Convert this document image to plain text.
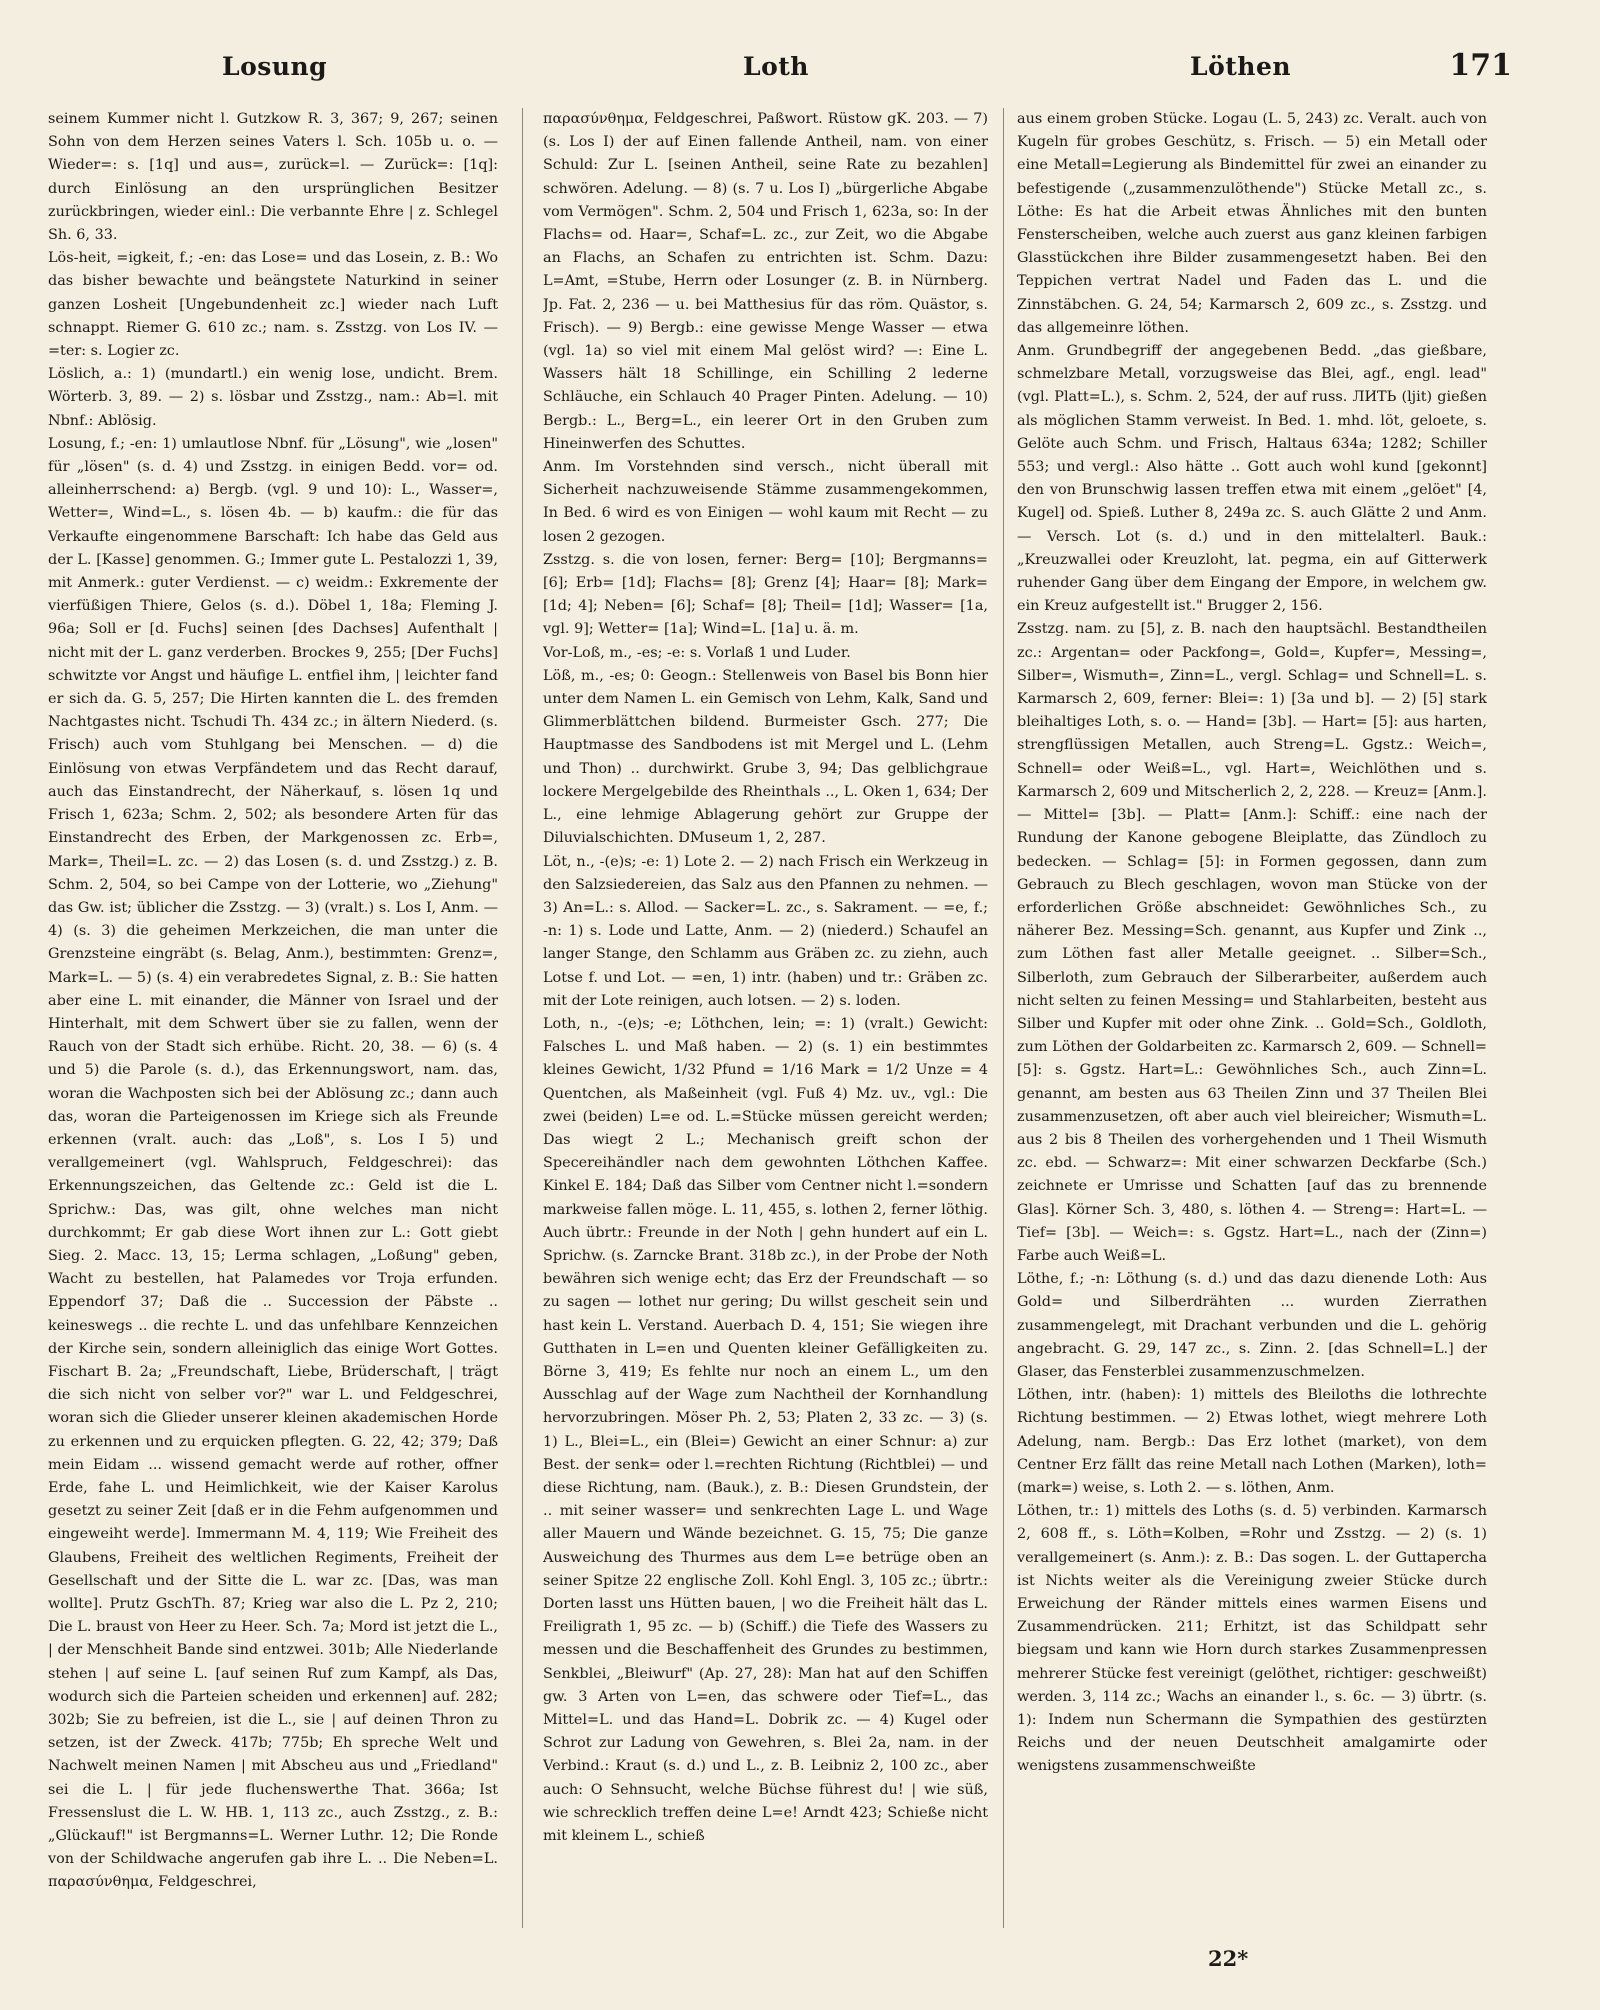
Losung	Loth	Löthen	171

seinem Kummer nicht l. Gutzkow R. 3, 367; 9, 267; seinen Sohn von dem Herzen seines Vaters l. Sch. 105b u. o. — Wieder=: s. [1q] und aus=, zurück=l. — Zurück=: [1q]: durch Einlösung an den ursprünglichen Besitzer zurückbringen, wieder einl.: Die verbannte Ehre | z. Schlegel Sh. 6, 33.

Lös-heit, =igkeit, f.; -en: das Lose= und das Losein, z. B.: Wo das bisher bewachte und beängstete Naturkind in seiner ganzen Losheit [Ungebundenheit zc.] wieder nach Luft schnappt. Riemer G. 610 zc.; nam. s. Zsstzg. von Los IV. — =ter: s. Logier zc.

Löslich, a.: 1) (mundartl.) ein wenig lose, undicht. Brem. Wörterb. 3, 89. — 2) s. lösbar und Zsstzg., nam.: Ab=l. mit Nbnf.: Ablösig.

Losung, f.; -en: 1) umlautlose Nbnf. für „Lösung", wie „losen" für „lösen" (s. d. 4) und Zsstzg. in einigen Bedd. vor= od. alleinherrschend: a) Bergb. (vgl. 9 und 10): L., Wasser=, Wetter=, Wind=L., s. lösen 4b. — b) kaufm.: die für das Verkaufte eingenommene Barschaft: Ich habe das Geld aus der L. [Kasse] genommen. G.; Immer gute L. Pestalozzi 1, 39, mit Anmerk.: guter Verdienst. — c) weidm.: Exkremente der vierfüßigen Thiere, Gelos (s. d.). Döbel 1, 18a; Fleming J. 96a; Soll er [d. Fuchs] seinen [des Dachses] Aufenthalt | nicht mit der L. ganz verderben. Brockes 9, 255; [Der Fuchs] schwitzte vor Angst und häufige L. entfiel ihm, | leichter fand er sich da. G. 5, 257; Die Hirten kannten die L. des fremden Nachtgastes nicht. Tschudi Th. 434 zc.; in ältern Niederd. (s. Frisch) auch vom Stuhlgang bei Menschen. — d) die Einlösung von etwas Verpfändetem und das Recht darauf, auch das Einstandrecht, der Näherkauf, s. lösen 1q und Frisch 1, 623a; Schm. 2, 502; als besondere Arten für das Einstandrecht des Erben, der Markgenossen zc. Erb=, Mark=, Theil=L. zc. — 2) das Losen (s. d. und Zsstzg.) z. B. Schm. 2, 504, so bei Campe von der Lotterie, wo „Ziehung" das Gw. ist; üblicher die Zsstzg. — 3) (vralt.) s. Los I, Anm. — 4) (s. 3) die geheimen Merkzeichen, die man unter die Grenzsteine eingräbt (s. Belag, Anm.), bestimmten: Grenz=, Mark=L. — 5) (s. 4) ein verabredetes Signal, z. B.: Sie hatten aber eine L. mit einander, die Männer von Israel und der Hinterhalt, mit dem Schwert über sie zu fallen, wenn der Rauch von der Stadt sich erhübe. Richt. 20, 38. — 6) (s. 4 und 5) die Parole (s. d.), das Erkennungswort, nam. das, woran die Wachposten sich bei der Ablösung zc.; dann auch das, woran die Parteigenossen im Kriege sich als Freunde erkennen (vralt. auch: das „Loß", s. Los I 5) und verallgemeinert (vgl. Wahlspruch, Feldgeschrei): das Erkennungszeichen, das Geltende zc.: Geld ist die L. Sprichw.: Das, was gilt, ohne welches man nicht durchkommt; Er gab diese Wort ihnen zur L.: Gott giebt Sieg. 2. Macc. 13, 15; Lerma schlagen, „Loßung" geben, Wacht zu bestellen, hat Palamedes vor Troja erfunden. Eppendorf 37; Daß die .. Succession der Päbste .. keineswegs .. die rechte L. und das unfehlbare Kennzeichen der Kirche sein, sondern alleiniglich das einige Wort Gottes. Fischart B. 2a; „Freundschaft, Liebe, Brüderschaft, | trägt die sich nicht von selber vor?" war L. und Feldgeschrei, woran sich die Glieder unserer kleinen akademischen Horde zu erkennen und zu erquicken pflegten. G. 22, 42; 379; Daß mein Eidam ... wissend gemacht werde auf rother, offner Erde, fahe L. und Heimlichkeit, wie der Kaiser Karolus gesetzt zu seiner Zeit [daß er in die Fehm aufgenommen und eingeweiht werde]. Immermann M. 4, 119; Wie Freiheit des Glaubens, Freiheit des weltlichen Regiments, Freiheit der Gesellschaft und der Sitte die L. war zc. [Das, was man wollte]. Prutz GschTh. 87; Krieg war also die L. Pz 2, 210; Die L. braust von Heer zu Heer. Sch. 7a; Mord ist jetzt die L., | der Menschheit Bande sind entzwei. 301b; Alle Niederlande stehen | auf seine L. [auf seinen Ruf zum Kampf, als Das, wodurch sich die Parteien scheiden und erkennen] auf. 282; 302b; Sie zu befreien, ist die L., sie | auf deinen Thron zu setzen, ist der Zweck. 417b; 775b; Eh spreche Welt und Nachwelt meinen Namen | mit Abscheu aus und „Friedland" sei die L. | für jede fluchenswerthe That. 366a; Ist Fressenslust die L. W. HB. 1, 113 zc., auch Zsstzg., z. B.: „Glückauf!" ist Bergmanns=L. Werner Luthr. 12; Die Ronde von der Schildwache angerufen gab ihre L. .. Die Neben=L. παρασύνθημα, Feldgeschrei,

παρασύνθημα, Feldgeschrei, Paßwort. Rüstow gK. 203. — 7) (s. Los I) der auf Einen fallende Antheil, nam. von einer Schuld: Zur L. [seinen Antheil, seine Rate zu bezahlen] schwören. Adelung. — 8) (s. 7 u. Los I) „bürgerliche Abgabe vom Vermögen". Schm. 2, 504 und Frisch 1, 623a, so: In der Flachs= od. Haar=, Schaf=L. zc., zur Zeit, wo die Abgabe an Flachs, an Schafen zu entrichten ist. Schm. Dazu: L=Amt, =Stube, Herrn oder Losunger (z. B. in Nürnberg. Jp. Fat. 2, 236 — u. bei Matthesius für das röm. Quästor, s. Frisch). — 9) Bergb.: eine gewisse Menge Wasser — etwa (vgl. 1a) so viel mit einem Mal gelöst wird? —: Eine L. Wassers hält 18 Schillinge, ein Schilling 2 lederne Schläuche, ein Schlauch 40 Prager Pinten. Adelung. — 10) Bergb.: L., Berg=L., ein leerer Ort in den Gruben zum Hineinwerfen des Schuttes.

Anm. Im Vorstehnden sind versch., nicht überall mit Sicherheit nachzuweisende Stämme zusammengekommen, In Bed. 6 wird es von Einigen — wohl kaum mit Recht — zu losen 2 gezogen.

Zsstzg. s. die von losen, ferner: Berg= [10]; Bergmanns= [6]; Erb= [1d]; Flachs= [8]; Grenz [4]; Haar= [8]; Mark= [1d; 4]; Neben= [6]; Schaf= [8]; Theil= [1d]; Wasser= [1a, vgl. 9]; Wetter= [1a]; Wind=L. [1a] u. ä. m.

Vor-Loß, m., -es; -e: s. Vorlaß 1 und Luder.

Löß, m., -es; 0: Geogn.: Stellenweis von Basel bis Bonn hier unter dem Namen L. ein Gemisch von Lehm, Kalk, Sand und Glimmerblättchen bildend. Burmeister Gsch. 277; Die Hauptmasse des Sandbodens ist mit Mergel und L. (Lehm und Thon) .. durchwirkt. Grube 3, 94; Das gelblichgraue lockere Mergelgebilde des Rheinthals .., L. Oken 1, 634; Der L., eine lehmige Ablagerung gehört zur Gruppe der Diluvialschichten. DMuseum 1, 2, 287.

Löt, n., -(e)s; -e: 1) Lote 2. — 2) nach Frisch ein Werkzeug in den Salzsiedereien, das Salz aus den Pfannen zu nehmen. — 3) An=L.: s. Allod. — Sacker=L. zc., s. Sakrament. — =e, f.; -n: 1) s. Lode und Latte, Anm. — 2) (niederd.) Schaufel an langer Stange, den Schlamm aus Gräben zc. zu ziehn, auch Lotse f. und Lot. — =en, 1) intr. (haben) und tr.: Gräben zc. mit der Lote reinigen, auch lotsen. — 2) s. loden.

Loth, n., -(e)s; -e; Löthchen, lein; =: 1) (vralt.) Gewicht: Falsches L. und Maß haben. — 2) (s. 1) ein bestimmtes kleines Gewicht, 1/32 Pfund = 1/16 Mark = 1/2 Unze = 4 Quentchen, als Maßeinheit (vgl. Fuß 4) Mz. uv., vgl.: Die zwei (beiden) L=e od. L.=Stücke müssen gereicht werden; Das wiegt 2 L.; Mechanisch greift schon der Specereihändler nach dem gewohnten Löthchen Kaffee. Kinkel E. 184; Daß das Silber vom Centner nicht l.=sondern markweise fallen möge. L. 11, 455, s. lothen 2, ferner löthig. Auch übrtr.: Freunde in der Noth | gehn hundert auf ein L. Sprichw. (s. Zarncke Brant. 318b zc.), in der Probe der Noth bewähren sich wenige echt; das Erz der Freundschaft — so zu sagen — lothet nur gering; Du willst gescheit sein und hast kein L. Verstand. Auerbach D. 4, 151; Sie wiegen ihre Gutthaten in L=en und Quenten kleiner Gefälligkeiten zu. Börne 3, 419; Es fehlte nur noch an einem L., um den Ausschlag auf der Wage zum Nachtheil der Kornhandlung hervorzubringen. Möser Ph. 2, 53; Platen 2, 33 zc. — 3) (s. 1) L., Blei=L., ein (Blei=) Gewicht an einer Schnur: a) zur Best. der senk= oder l.=rechten Richtung (Richtblei) — und diese Richtung, nam. (Bauk.), z. B.: Diesen Grundstein, der .. mit seiner wasser= und senkrechten Lage L. und Wage aller Mauern und Wände bezeichnet. G. 15, 75; Die ganze Ausweichung des Thurmes aus dem L=e betrüge oben an seiner Spitze 22 englische Zoll. Kohl Engl. 3, 105 zc.; übrtr.: Dorten lasst uns Hütten bauen, | wo die Freiheit hält das L. Freiligrath 1, 95 zc. — b) (Schiff.) die Tiefe des Wassers zu messen und die Beschaffenheit des Grundes zu bestimmen, Senkblei, „Bleiwurf" (Ap. 27, 28): Man hat auf den Schiffen gw. 3 Arten von L=en, das schwere oder Tief=L., das Mittel=L. und das Hand=L. Dobrik zc. — 4) Kugel oder Schrot zur Ladung von Gewehren, s. Blei 2a, nam. in der Verbind.: Kraut (s. d.) und L., z. B. Leibniz 2, 100 zc., aber auch: O Sehnsucht, welche Büchse führest du! | wie süß, wie schrecklich treffen deine L=e! Arndt 423; Schieße nicht mit kleinem L., schieß

aus einem groben Stücke. Logau (L. 5, 243) zc. Veralt. auch von Kugeln für grobes Geschütz, s. Frisch. — 5) ein Metall oder eine Metall=Legierung als Bindemittel für zwei an einander zu befestigende („zusammenzulöthende") Stücke Metall zc., s. Löthe: Es hat die Arbeit etwas Ähnliches mit den bunten Fensterscheiben, welche auch zuerst aus ganz kleinen farbigen Glasstückchen ihre Bilder zusammengesetzt haben. Bei den Teppichen vertrat Nadel und Faden das L. und die Zinnstäbchen. G. 24, 54; Karmarsch 2, 609 zc., s. Zsstzg. und das allgemeinre löthen.

Anm. Grundbegriff der angegebenen Bedd. „das gießbare, schmelzbare Metall, vorzugsweise das Blei, agf., engl. lead" (vgl. Platt=L.), s. Schm. 2, 524, der auf russ. ЛИТЬ (ljit) gießen als möglichen Stamm verweist. In Bed. 1. mhd. löt, geloete, s. Gelöte auch Schm. und Frisch, Haltaus 634a; 1282; Schiller 553; und vergl.: Also hätte .. Gott auch wohl kund [gekonnt] den von Brunschwig lassen treffen etwa mit einem „gelöet" [4, Kugel] od. Spieß. Luther 8, 249a zc. S. auch Glätte 2 und Anm. — Versch. Lot (s. d.) und in den mittelalterl. Bauk.: „Kreuzwallei oder Kreuzloht, lat. pegma, ein auf Gitterwerk ruhender Gang über dem Eingang der Empore, in welchem gw. ein Kreuz aufgestellt ist." Brugger 2, 156.

Zsstzg. nam. zu [5], z. B. nach den hauptsächl. Bestandtheilen zc.: Argentan= oder Packfong=, Gold=, Kupfer=, Messing=, Silber=, Wismuth=, Zinn=L., vergl. Schlag= und Schnell=L. s. Karmarsch 2, 609, ferner: Blei=: 1) [3a und b]. — 2) [5] stark bleihaltiges Loth, s. o. — Hand= [3b]. — Hart= [5]: aus harten, strengflüssigen Metallen, auch Streng=L. Ggstz.: Weich=, Schnell= oder Weiß=L., vgl. Hart=, Weichlöthen und s. Karmarsch 2, 609 und Mitscherlich 2, 2, 228. — Kreuz= [Anm.]. — Mittel= [3b]. — Platt= [Anm.]: Schiff.: eine nach der Rundung der Kanone gebogene Bleiplatte, das Zündloch zu bedecken. — Schlag= [5]: in Formen gegossen, dann zum Gebrauch zu Blech geschlagen, wovon man Stücke von der erforderlichen Größe abschneidet: Gewöhnliches Sch., zu näherer Bez. Messing=Sch. genannt, aus Kupfer und Zink .., zum Löthen fast aller Metalle geeignet. .. Silber=Sch., Silberloth, zum Gebrauch der Silberarbeiter, außerdem auch nicht selten zu feinen Messing= und Stahlarbeiten, besteht aus Silber und Kupfer mit oder ohne Zink. .. Gold=Sch., Goldloth, zum Löthen der Goldarbeiten zc. Karmarsch 2, 609. — Schnell= [5]: s. Ggstz. Hart=L.: Gewöhnliches Sch., auch Zinn=L. genannt, am besten aus 63 Theilen Zinn und 37 Theilen Blei zusammenzusetzen, oft aber auch viel bleireicher; Wismuth=L. aus 2 bis 8 Theilen des vorhergehenden und 1 Theil Wismuth zc. ebd. — Schwarz=: Mit einer schwarzen Deckfarbe (Sch.) zeichnete er Umrisse und Schatten [auf das zu brennende Glas]. Körner Sch. 3, 480, s. löthen 4. — Streng=: Hart=L. — Tief= [3b]. — Weich=: s. Ggstz. Hart=L., nach der (Zinn=) Farbe auch Weiß=L.

Löthe, f.; -n: Löthung (s. d.) und das dazu dienende Loth: Aus Gold= und Silberdrähten ... wurden Zierrathen zusammengelegt, mit Drachant verbunden und die L. gehörig angebracht. G. 29, 147 zc., s. Zinn. 2. [das Schnell=L.] der Glaser, das Fensterblei zusammenzuschmelzen.

Löthen, intr. (haben): 1) mittels des Bleiloths die lothrechte Richtung bestimmen. — 2) Etwas lothet, wiegt mehrere Loth Adelung, nam. Bergb.: Das Erz lothet (market), von dem Centner Erz fällt das reine Metall nach Lothen (Marken), loth= (mark=) weise, s. Loth 2. — s. löthen, Anm.

Löthen, tr.: 1) mittels des Loths (s. d. 5) verbinden. Karmarsch 2, 608 ff., s. Löth=Kolben, =Rohr und Zsstzg. — 2) (s. 1) verallgemeinert (s. Anm.): z. B.: Das sogen. L. der Guttapercha ist Nichts weiter als die Vereinigung zweier Stücke durch Erweichung der Ränder mittels eines warmen Eisens und Zusammendrücken. 211; Erhitzt, ist das Schildpatt sehr biegsam und kann wie Horn durch starkes Zusammenpressen mehrerer Stücke fest vereinigt (gelöthet, richtiger: geschweißt) werden. 3, 114 zc.; Wachs an einander l., s. 6c. — 3) übrtr. (s. 1): Indem nun Schermann die Sympathien des gestürzten Reichs und der neuen Deutschheit amalgamirte oder wenigstens zusammenschweißte

22*
